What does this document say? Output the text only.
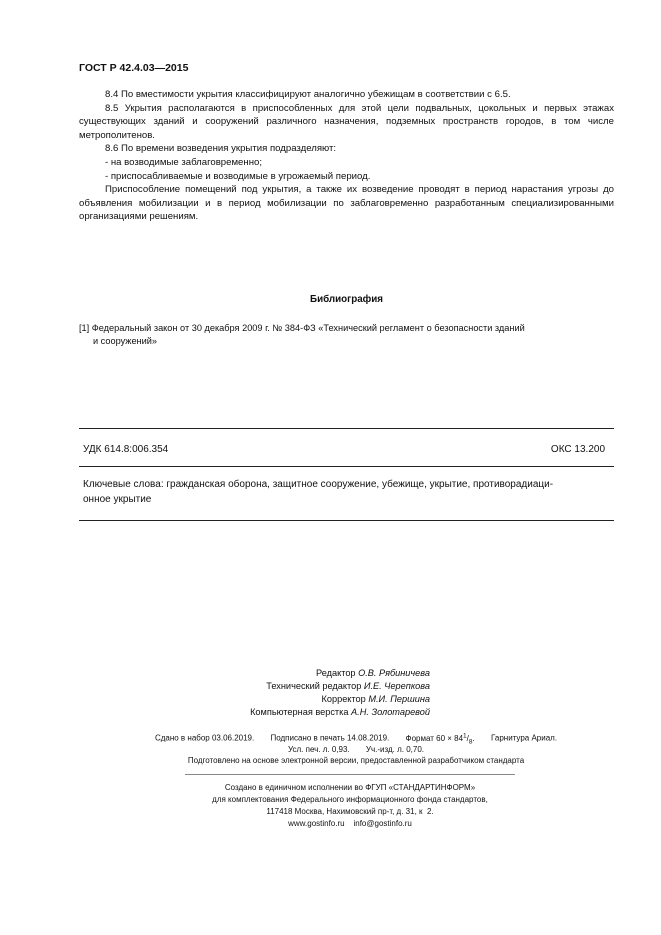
ГОСТ Р 42.4.03—2015

8.4 По вместимости укрытия классифицируют аналогично убежищам в соответствии с 6.5.

8.5 Укрытия располагаются в приспособленных для этой цели подвальных, цокольных и первых этажах существующих зданий и сооружений различного назначения, подземных пространств городов, в том числе метрополитенов.

8.6 По времени возведения укрытия подразделяют:

- на возводимые заблаговременно;

- приспосабливаемые и возводимые в угрожаемый период.

Приспособление помещений под укрытия, а также их возведение проводят в период нарастания угрозы до объявления мобилизации и в период мобилизации по заблаговременно разработанным специализированными организациями решениям.

Библиография
[1] Федеральный закон от 30 декабря 2009 г. № 384-ФЗ «Технический регламент о безопасности зданий
и сооружений»
УДК 614.8:006.354	ОКС 13.200
Ключевые слова: гражданская оборона, защитное сооружение, убежище, укрытие, противорадиаци-
онное укрытие
Редактор О.В. Рябиничева
Технический редактор И.Е. Черепкова
Корректор М.И. Першина
Компьютерная верстка А.Н. Золотаревой
Сдано в набор 03.06.2019. Подписано в печать 14.08.2019. Формат $60 \times 84^1/_8$. Гарнитура Ариал.
Усл. печ. л. 0,93. Уч.-изд. л. 0,70.
Подготовлено на основе электронной версии, предоставленной разработчиком стандарта
Создано в единичном исполнении во ФГУП «СТАНДАРТИНФОРМ»
для комплектования Федерального информационного фонда стандартов,
117418 Москва, Нахимовский пр-т, д. 31, к  2.
www.gostinfo.ru info@gostinfo.ru
